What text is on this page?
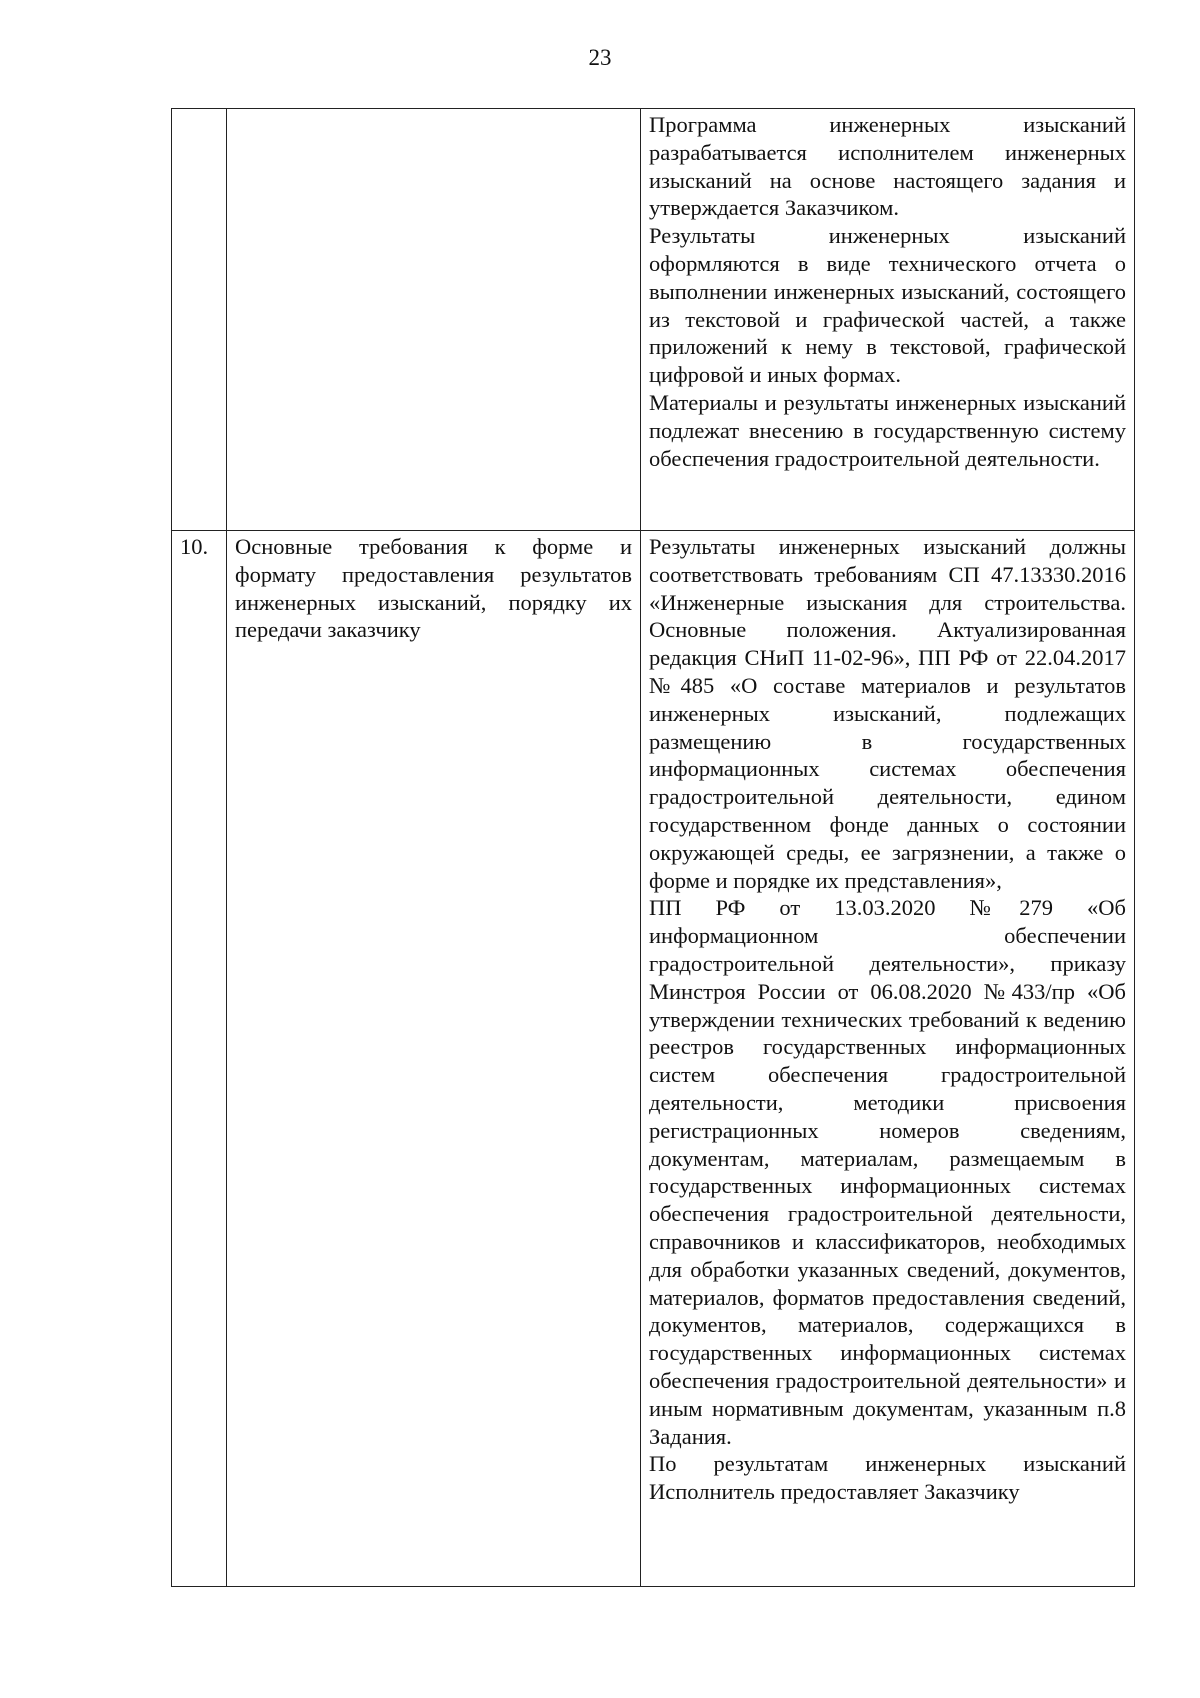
23

		Программа инженерных изысканий разрабатывается исполнителем инженерных изысканий на основе настоящего задания и утверждается Заказчиком.

Результаты инженерных изысканий оформляются в виде технического отчета о выполнении инженерных изысканий, состоящего из текстовой и графической частей, а также приложений к нему в текстовой, графической цифровой и иных формах.

Материалы и результаты инженерных изысканий подлежат внесению в государственную систему обеспечения градостроительной деятельности.

10.	Основные требования к форме и формату предоставления результатов инженерных изысканий, порядку их передачи заказчику	Результаты инженерных изысканий должны соответствовать требованиям СП 47.13330.2016 «Инженерные изыскания для строительства. Основные положения. Актуализированная редакция СНиП 11-02-96», ПП РФ от 22.04.2017 №485 «О составе материалов и результатов инженерных изысканий, подлежащих размещению в государственных информационных системах обеспечения градостроительной деятельности, едином государственном фонде данных о состоянии окружающей среды, ее загрязнении, а также о форме и порядке их представления»,

ПП РФ от 13.03.2020 №279 «Об информационном обеспечении градостроительной деятельности», приказу Минстроя России от 06.08.2020 №433/пр «Об утверждении технических требований к ведению реестров государственных информационных систем обеспечения градостроительной деятельности, методики присвоения регистрационных номеров сведениям, документам, материалам, размещаемым в государственных информационных системах обеспечения градостроительной деятельности, справочников и классификаторов, необходимых для обработки указанных сведений, документов, материалов, форматов предоставления сведений, документов, материалов, содержащихся в государственных информационных системах обеспечения градостроительной деятельности» и иным нормативным документам, указанным п.8 Задания.

По результатам инженерных изысканий Исполнитель предоставляет Заказчику
